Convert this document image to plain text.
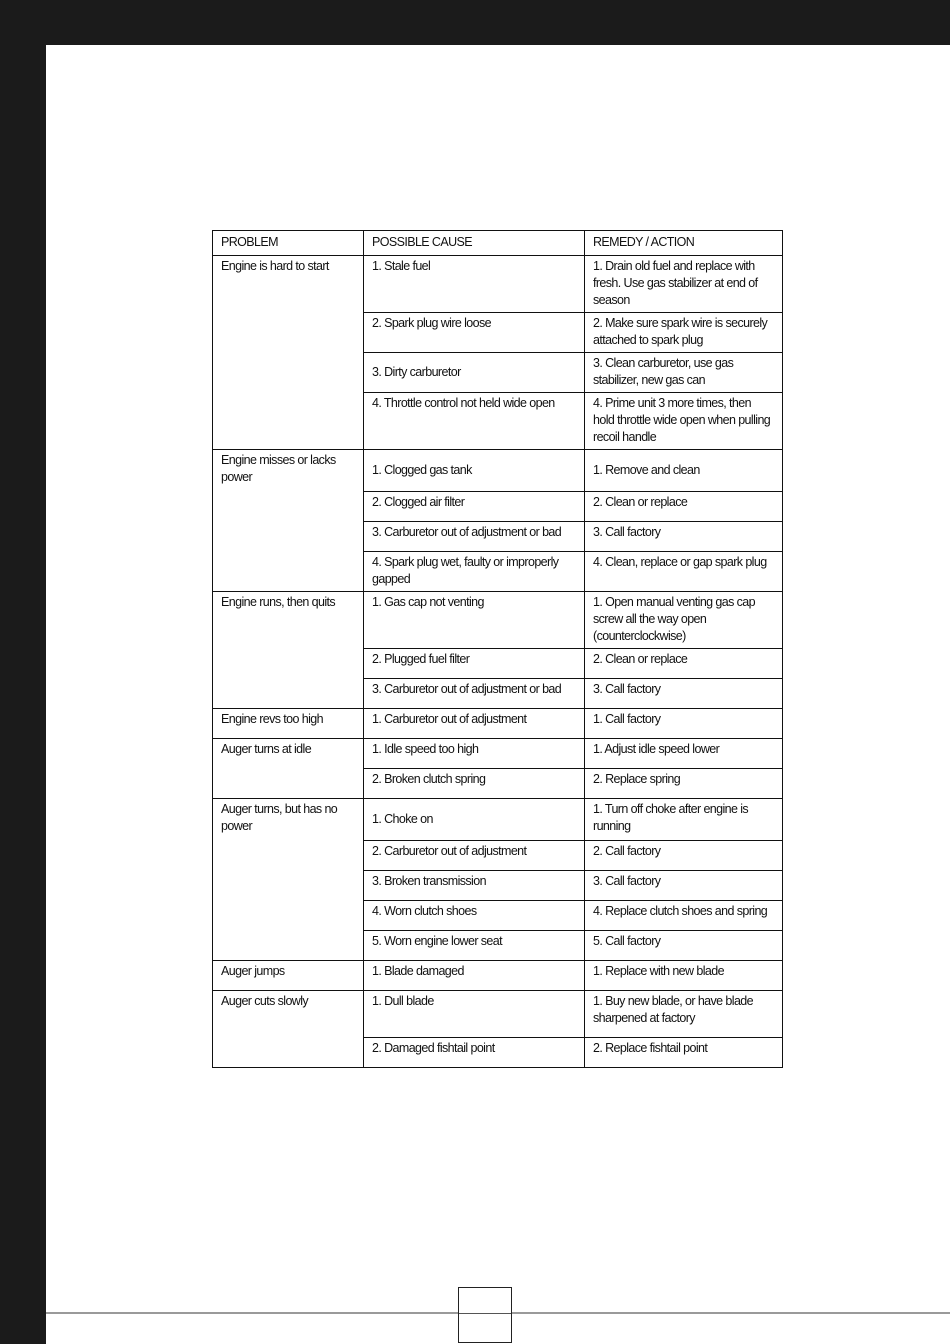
PROBLEM	POSSIBLE CAUSE	REMEDY / ACTION
Engine is hard to start	1. Stale fuel	1. Drain old fuel and replace with fresh. Use gas stabilizer at end of season
	2. Spark plug wire loose	2. Make sure spark wire is securely attached to spark plug
	3. Dirty carburetor	3. Clean carburetor, use gas stabilizer, new gas can
	4. Throttle control not held wide open	4. Prime unit 3 more times, then hold throttle wide open when pulling recoil handle
Engine misses or lacks power	1. Clogged gas tank	1. Remove and clean
	2. Clogged air filter	2. Clean or replace
	3. Carburetor out of adjustment or bad	3. Call factory
	4. Spark plug wet, faulty or improperly gapped	4. Clean, replace or gap spark plug
Engine runs, then quits	1. Gas cap not venting	1. Open manual venting gas cap screw all the way open (counterclockwise)
	2. Plugged fuel filter	2. Clean or replace
	3. Carburetor out of adjustment or bad	3. Call factory
Engine revs too high	1. Carburetor out of adjustment	1. Call factory
Auger turns at idle	1. Idle speed too high	1. Adjust idle speed lower
	2. Broken clutch spring	2. Replace spring
Auger turns, but has no power	1. Choke on	1. Turn off choke after engine is running
	2. Carburetor out of adjustment	2. Call factory
	3. Broken transmission	3. Call factory
	4. Worn clutch shoes	4. Replace clutch shoes and spring
	5. Worn engine lower seat	5. Call factory
Auger jumps	1. Blade damaged	1. Replace with new blade
Auger cuts slowly	1. Dull blade	1. Buy new blade, or have blade sharpened at factory
	2. Damaged fishtail point	2. Replace fishtail point
